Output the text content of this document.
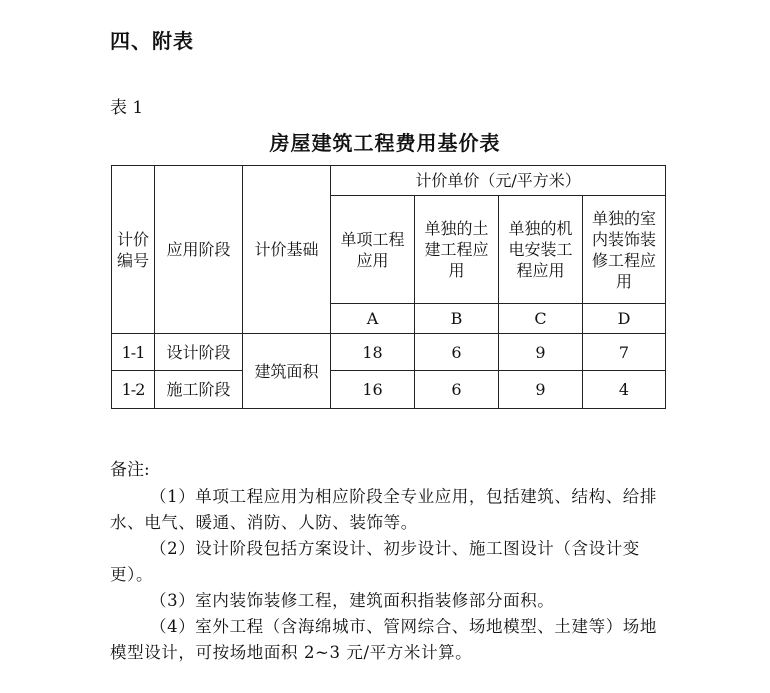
四、附表
表 1
房屋建筑工程费用基价表
计价编号	应用阶段	计价基础	计价单价（元/平方米）			
			单项工程应用	单独的土建工程应用	单独的机电安装工程应用	单独的室内装饰装修工程应用
			A	B	C	D
1-1	设计阶段	建筑面积	18	6	9	7
1-2	施工阶段		16	6	9	4
备注:
（1）单项工程应用为相应阶段全专业应用，包括建筑、结构、给排水、电气、暖通、消防、人防、装饰等。
（2）设计阶段包括方案设计、初步设计、施工图设计（含设计变更）。
（3）室内装饰装修工程，建筑面积指装修部分面积。
（4）室外工程（含海绵城市、管网综合、场地模型、土建等）场地模型设计，可按场地面积 2~3 元/平方米计算。
